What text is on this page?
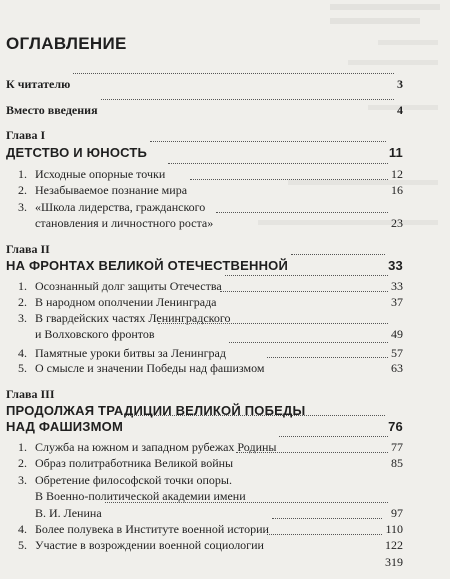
ОГЛАВЛЕНИЕ
К читателю	3
Вместо введения	4
Глава I
ДЕТСТВО И ЮНОСТЬ	11
1. Исходные опорные точки	12
2. Незабываемое познание мира	16
3. «Школа лидерства, гражданского
становления и личностного роста»	23
Глава II
НА ФРОНТАХ ВЕЛИКОЙ ОТЕЧЕСТВЕННОЙ	33
1. Осознанный долг защиты Отечества	33
2. В народном ополчении Ленинграда	37
3. В гвардейских частях Ленинградского
и Волховского фронтов	49
4. Памятные уроки битвы за Ленинград	57
5. О смысле и значении Победы над фашизмом	63
Глава III
ПРОДОЛЖАЯ ТРАДИЦИИ ВЕЛИКОЙ ПОБЕДЫ
НАД ФАШИЗМОМ	76
1. Служба на южном и западном рубежах Родины	77
2. Образ политработника Великой войны	85
3. Обретение философской точки опоры.
В Военно-политической академии имени
В. И. Ленина	97
4. Более полувека в Институте военной истории	110
5. Участие в возрождении военной социологии	122
319
